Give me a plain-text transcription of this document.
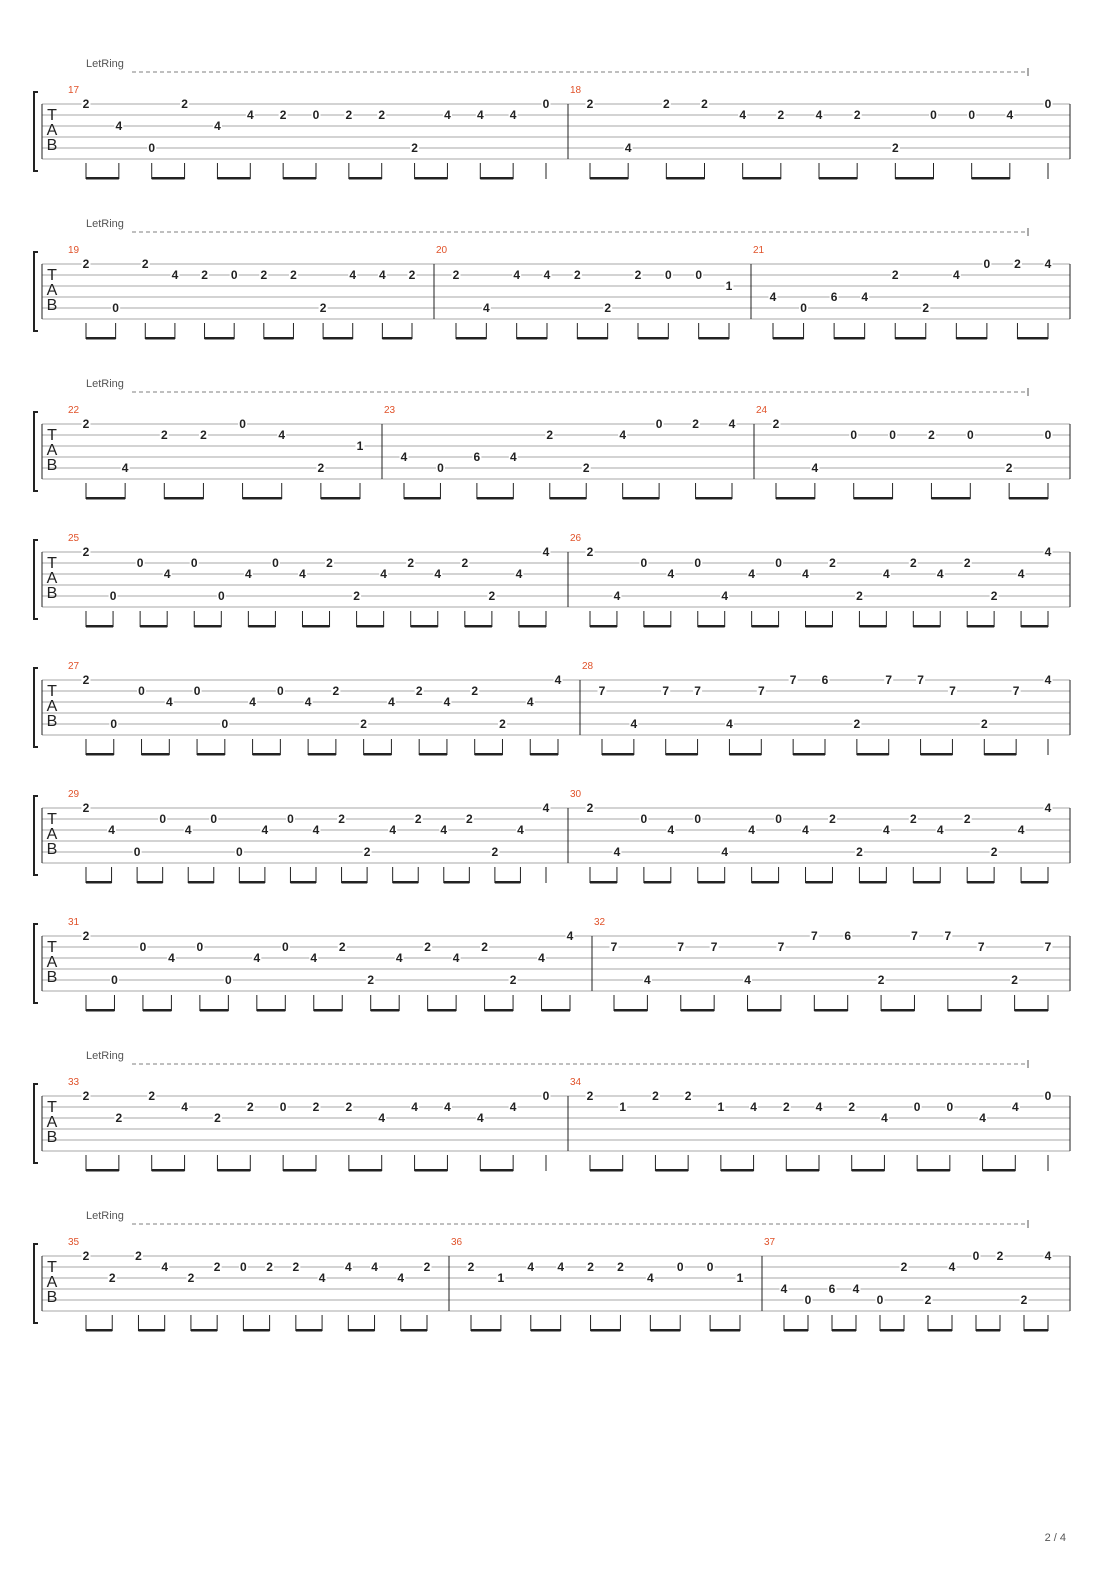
T
A
B
LetRing
17
2
4
0
2
4
4 2 0 2 2
2
4 4 4
0
18
2
4
2	2
4	2	4	2
2
0	0	4
0
T
A
B
LetRing
19
2
0
2
4 2 0 2 2
2
4 4 2
20
2
4
4 4 2
2
2 0 0
1
21
4
0
6 4
2
2
4
0 2 4
T
A
B
LetRing
22
2
4
2	2
0
4
2
1
23
4
0
6 4
2
2
4
0 2 4
24
2
4
0	0	2	0
2
0
T
A
B
25
2
0
0
4
0
0
4
0
4
2
2
4
2
4
2
2
4
4
26
2
4
0
4
0
4
4
0
4
2
2
4
2
4
2
2
4
4
T
A
B
27
2
0
0
4
0
0
4
0
4
2
2
4
2
4
2
2
4
4
28
7
4
7 7
4
7
7 6
2
7 7
7
2
7
4
T
A
B
29
2
4
0
0
4
0
0
4
0
4
2
2
4
2
4
2
2
4
4
30
2
4
0
4
0
4
4
0
4
2
2
4
2
4
2
2
4
4
T
A
B
31
2
0
0
4
0
0
4
0
4
2
2
4
2
4
2
2
4
4
32
7
4
7 7
4
7
7 6
2
7 7
7
2
7
T
A
B
LetRing
33
2
2
2
4
2
2 0 2 2
4
4 4
4
4
0
34
2
1
2 2
1 4 2 4 2
4
0 0
4
4
0
T
A
B
LetRing
35
2
2
2
4
2
2 0 2 2
4
4 4
4
2
36
2
1
4 4 2 2
4
0 0
1
37
4
0
6 4
0
2
2
4
0 2
2
4
2 / 4
